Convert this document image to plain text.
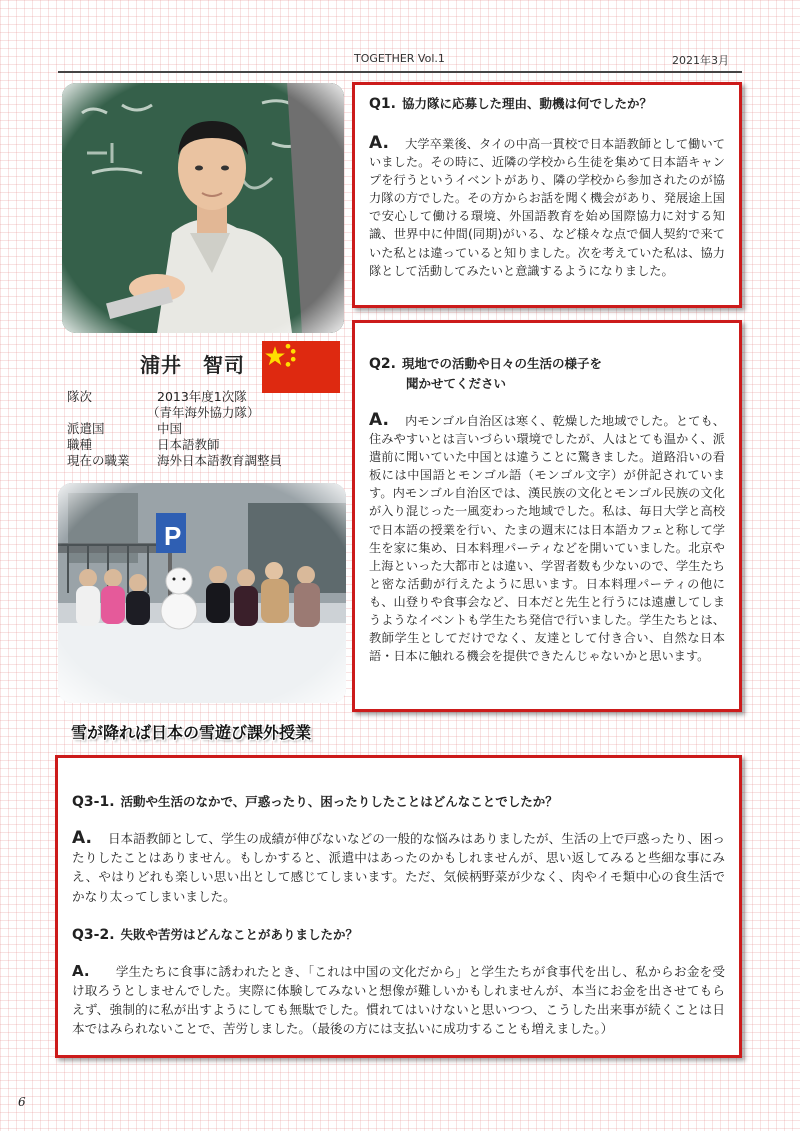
TOGETHER Vol.1	2021年3月
浦井　智司
隊次	2013年度1次隊
（青年海外協力隊）
派遣国	中国
職種	日本語教師
現在の職業 海外日本語教育調整員
雪が降れば日本の雪遊び課外授業
Q1. 協力隊に応募した理由、動機は何でしたか？
A. 大学卒業後、タイの中高一貫校で日本語教師として働いていました。その時に、近隣の学校から生徒を集めて日本語キャンプを行うというイベントがあり、隣の学校から参加されたのが協力隊の方でした。その方からお話を聞く機会があり、発展途上国で安心して働ける環境、外国語教育を始め国際協力に対する知識、世界中に仲間(同期)がいる、など様々な点で個人契約で来ていた私とは違っていると知りました。次を考えていた私は、協力隊として活動してみたいと意識するようになりました。
Q2. 現地での活動や日々の生活の様子を
聞かせてください
A. 内モンゴル自治区は寒く、乾燥した地域でした。とても、住みやすいとは言いづらい環境でしたが、人はとても温かく、派遣前に聞いていた中国とは違うことに驚きました。道路沿いの看板には中国語とモンゴル語（モンゴル文字）が併記されています。内モンゴル自治区では、漢民族の文化とモンゴル民族の文化が入り混じった一風変わった地域でした。私は、毎日大学と高校で日本語の授業を行い、たまの週末には日本語カフェと称して学生を家に集め、日本料理パーティなどを開いていました。北京や上海といった大都市とは違い、学習者数も少ないので、学生たちと密な活動が行えたように思います。日本料理パーティの他にも、山登りや食事会など、日本だと先生と行うには遠慮してしまうようなイベントも学生たち発信で行いました。学生たちとは、教師学生としてだけでなく、友達として付き合い、自然な日本語・日本に触れる機会を提供できたんじゃないかと思います。
Q3-1. 活動や生活のなかで、戸惑ったり、困ったりしたことはどんなことでしたか？
A. 日本語教師として、学生の成績が伸びないなどの一般的な悩みはありましたが、生活の上で戸惑ったり、困ったりしたことはありません。もしかすると、派遣中はあったのかもしれませんが、思い返してみると些細な事にみえ、やはりどれも楽しい思い出として感じてしまいます。ただ、気候柄野菜が少なく、肉やイモ類中心の食生活でかなり太ってしまいました。
Q3-2. 失敗や苦労はどんなことがありましたか？
A. 学生たちに食事に誘われたとき、「これは中国の文化だから」と学生たちが食事代を出し、私からお金を受け取ろうとしませんでした。実際に体験してみないと想像が難しいかもしれませんが、本当にお金を出させてもらえず、強制的に私が出すようにしても無駄でした。慣れてはいけないと思いつつ、こうした出来事が続くことは日本ではみられないことで、苦労しました。（最後の方には支払いに成功することも増えました。）
6
